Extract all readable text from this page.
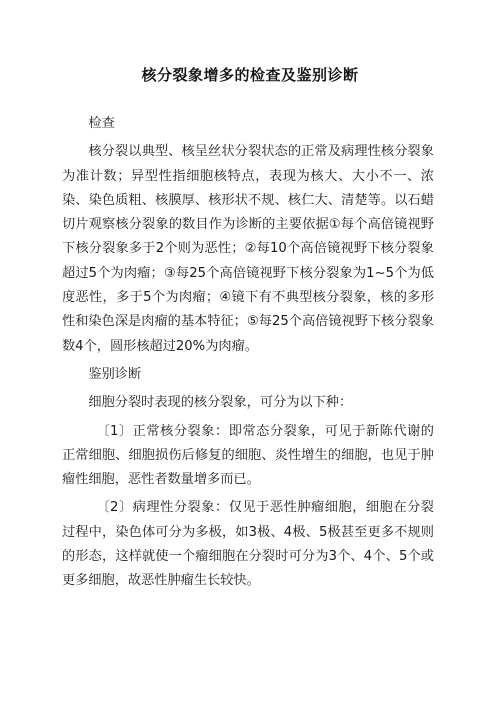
核分裂象增多的检查及鉴别诊断

检查

核分裂以典型、核呈丝状分裂状态的正常及病理性核分裂象为准计数；异型性指细胞核特点，表现为核大、大小不一、浓染、染色质粗、核膜厚、核形状不规、核仁大、清楚等。以石蜡切片观察核分裂象的数目作为诊断的主要依据①每个高倍镜视野下核分裂象多于2个则为恶性；②每10个高倍镜视野下核分裂象超过5个为肉瘤；③每25个高倍镜视野下核分裂象为1~5个为低度恶性，多于5个为肉瘤；④镜下有不典型核分裂象，核的多形性和染色深是肉瘤的基本特征；⑤每25个高倍镜视野下核分裂象数4个，圆形核超过20%为肉瘤。

鉴别诊断

细胞分裂时表现的核分裂象，可分为以下种：

〔1〕正常核分裂象：即常态分裂象，可见于新陈代谢的正常细胞、细胞损伤后修复的细胞、炎性增生的细胞，也见于肿瘤性细胞，恶性者数量增多而已。

〔2〕病理性分裂象：仅见于恶性肿瘤细胞，细胞在分裂过程中，染色体可分为多极，如3极、4极、5极甚至更多不规则的形态，这样就使一个瘤细胞在分裂时可分为3个、4个、5个或更多细胞，故恶性肿瘤生长较快。
